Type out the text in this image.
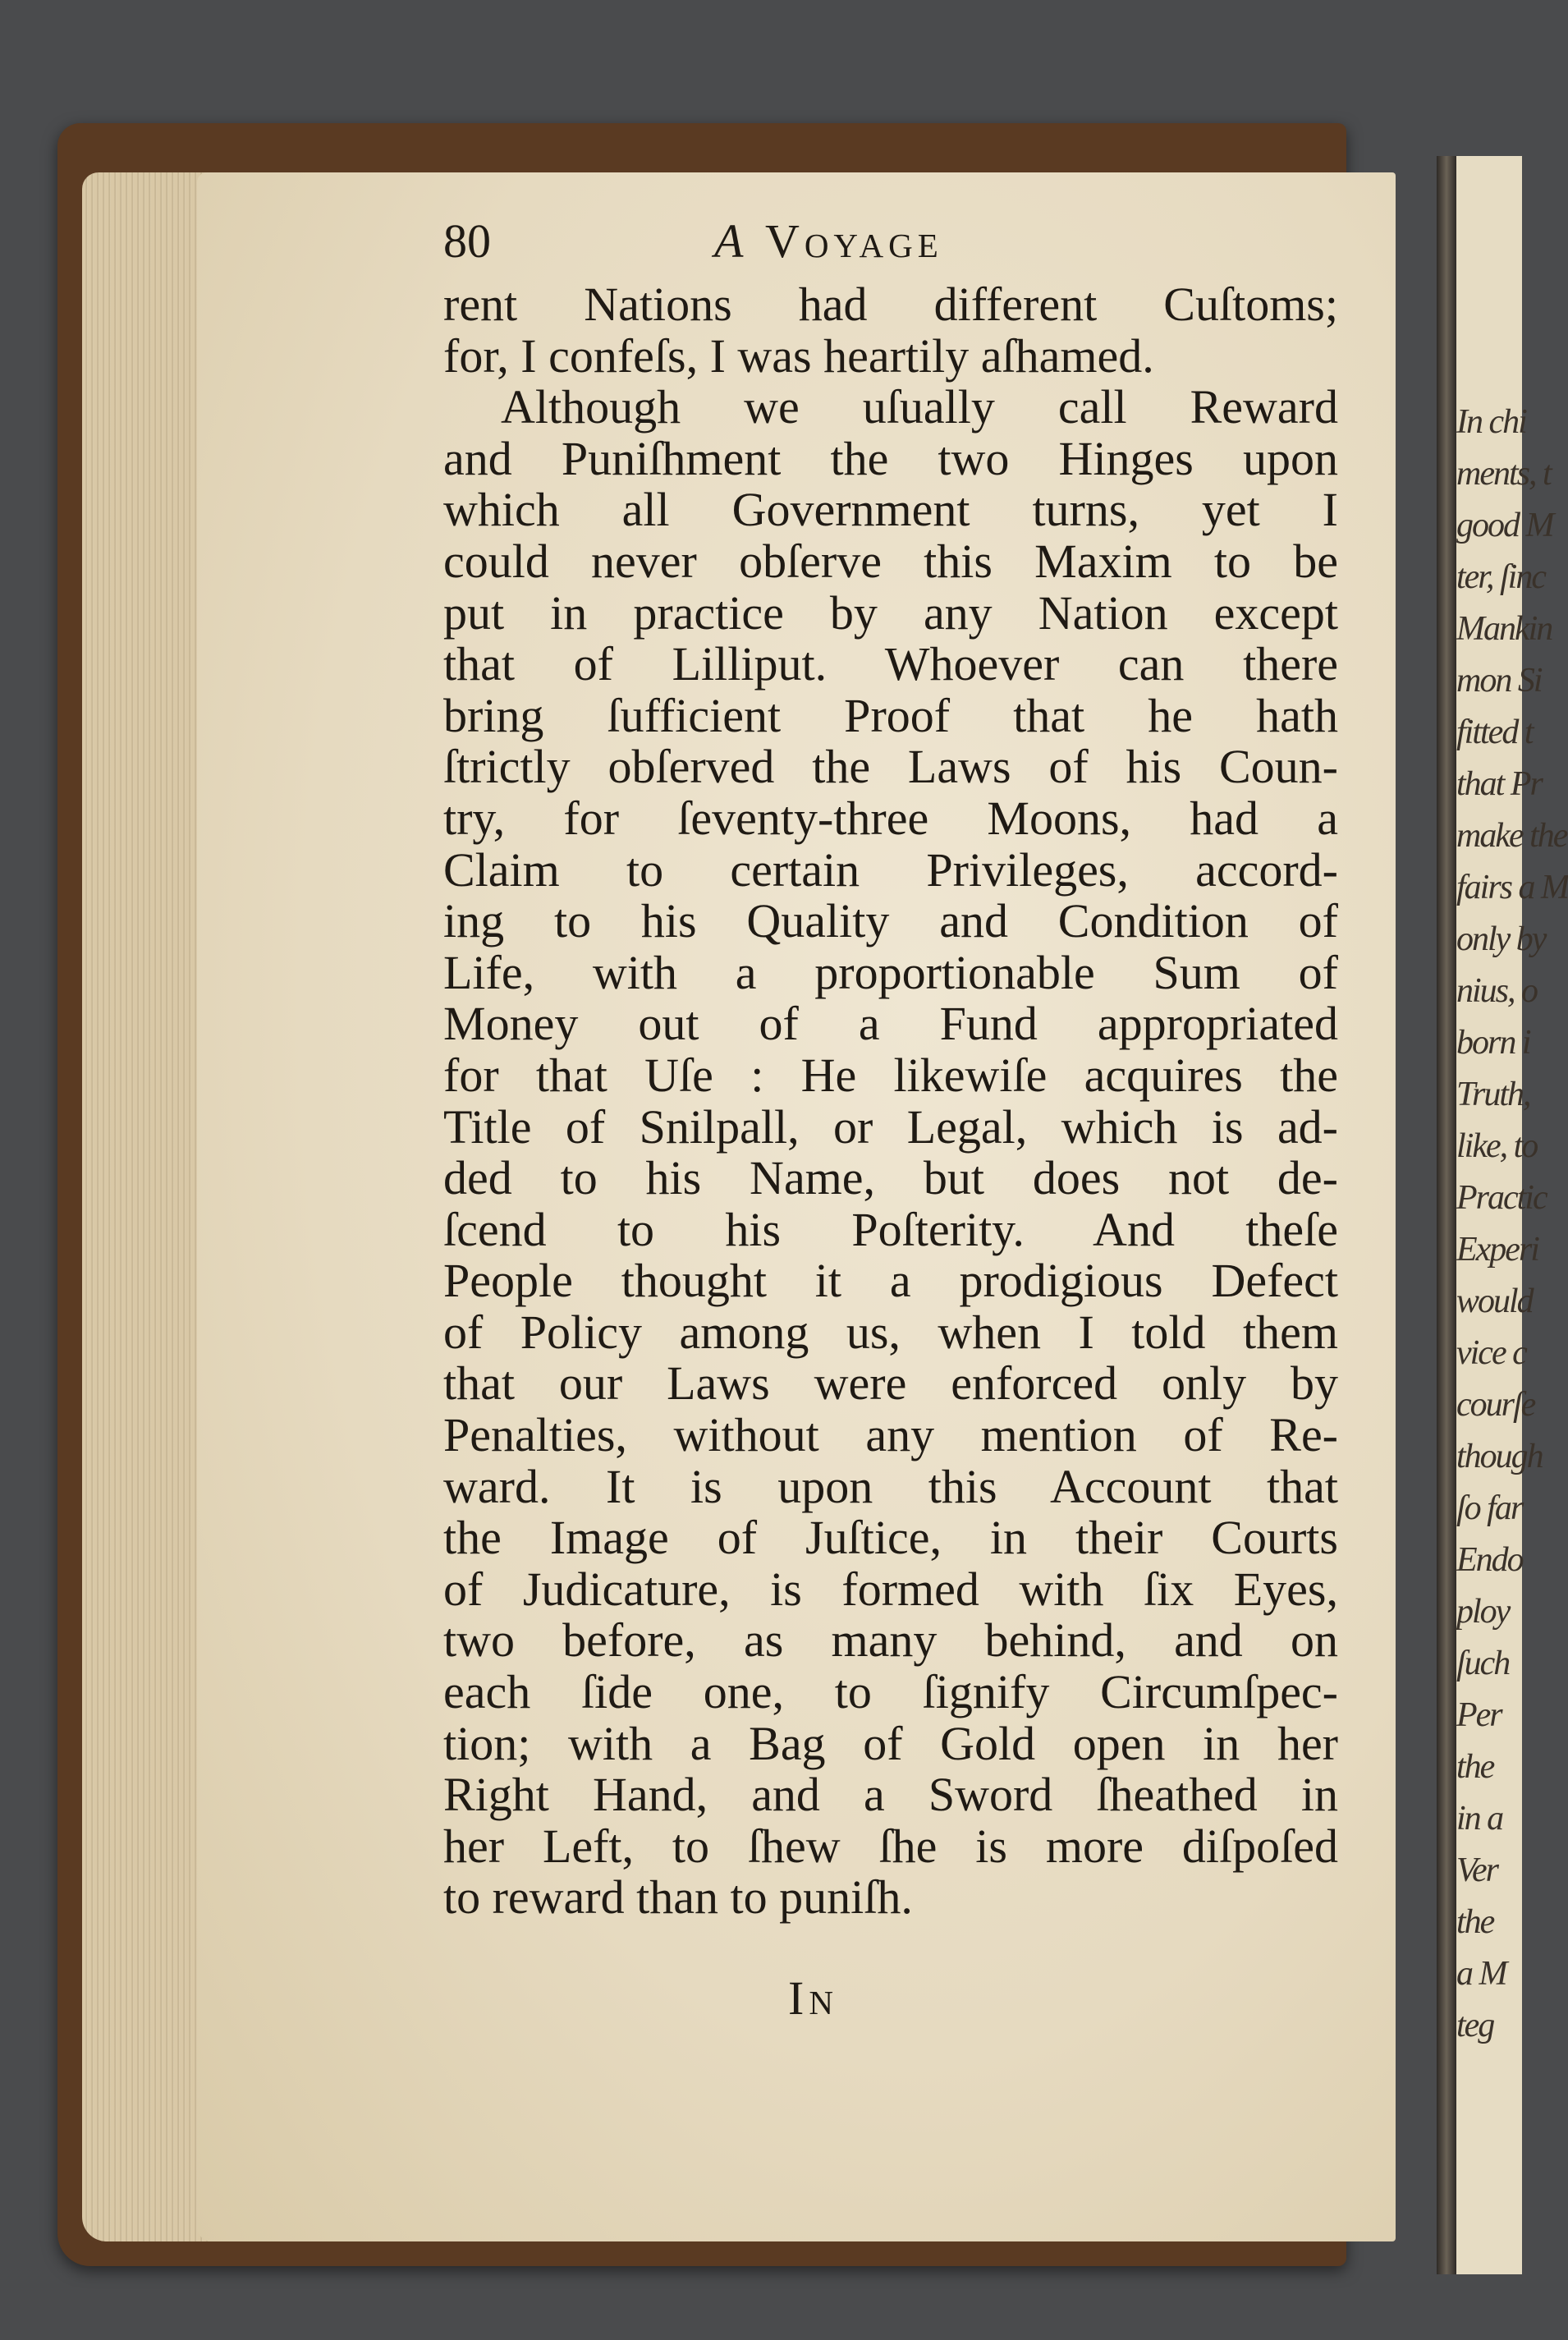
In chi
ments, t
good M
ter, ſinc
Mankin
mon Si
fitted t
that Pr
make the
fairs a M
only by
nius, o
born i
Truth,
like, to
Practic
Experi
would
vice c
courſe
though
ſo far
Endo
ploy
ſuch
Per
the
in a
Ver
the
a M
teg
80	A Voyage
rent Nations had different Cuſtoms;
for, I confeſs, I was heartily aſhamed.
Although we uſually call Reward
and Puniſhment the two Hinges upon
which all Government turns, yet I
could never obſerve this Maxim to be
put in practice by any Nation except
that of Lilliput. Whoever can there
bring ſufficient Proof that he hath
ſtrictly obſerved the Laws of his Coun-
try, for ſeventy-three Moons, had a
Claim to certain Privileges, accord-
ing to his Quality and Condition of
Life, with a proportionable Sum of
Money out of a Fund appropriated
for that Uſe : He likewiſe acquires the
Title of Snilpall, or Legal, which is ad-
ded to his Name, but does not de-
ſcend to his Poſterity. And theſe
People thought it a prodigious Defect
of Policy among us, when I told them
that our Laws were enforced only by
Penalties, without any mention of Re-
ward. It is upon this Account that
the Image of Juſtice, in their Courts
of Judicature, is formed with ſix Eyes,
two before, as many behind, and on
each ſide one, to ſignify Circumſpec-
tion; with a Bag of Gold open in her
Right Hand, and a Sword ſheathed in
her Left, to ſhew ſhe is more diſpoſed
to reward than to puniſh.
In
